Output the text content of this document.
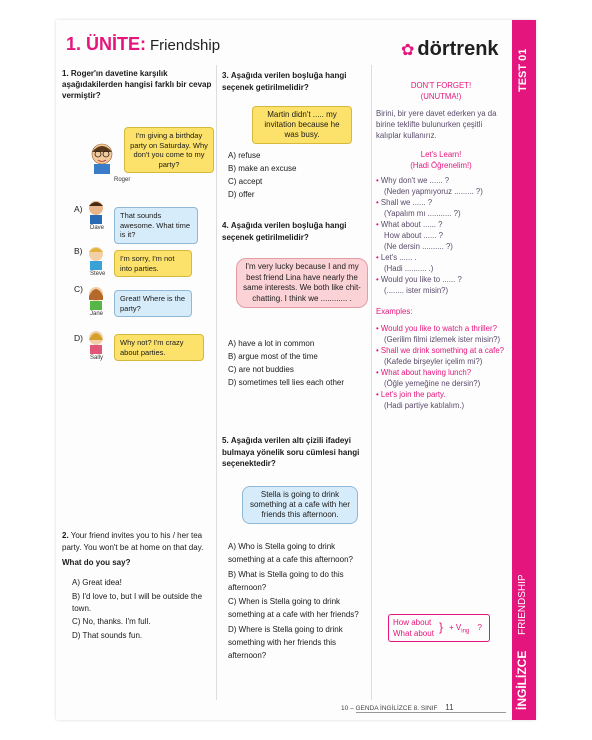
1. ÜNİTE: Friendship	✿ dörtrenk TEST 01
İNGİLİZCE
FRIENDSHIP
1. Roger'ın davetine karşılık aşağıdakilerden hangisi farklı bir cevap vermiştir?
I'm giving a birthday party on Saturday. Why don't you come to my party?
Roger
A)
Dave
That sounds awesome. What time is it?
B)
Steve
I'm sorry, I'm not into parties.
C)
Jane
Great! Where is the party?
D)
Sally
Why not? I'm crazy about parties.
2. Your friend invites you to his / her tea party. You won't be at home on that day.
What do you say?
A) Great idea!
B) I'd love to, but I will be outside the town.
C) No, thanks. I'm full.
D) That sounds fun.
3. Aşağıda verilen boşluğa hangi seçenek getirilmelidir?
Martin didn't ..... my invitation because he was busy.
A) refuse
B) make an excuse
C) accept
D) offer
4. Aşağıda verilen boşluğa hangi seçenek getirilmelidir?
I'm very lucky because I and my best friend Lina have nearly the same interests. We both like chit-chatting. I think we ............ .
A) have a lot in common
B) argue most of the time
C) are not buddies
D) sometimes tell lies each other
5. Aşağıda verilen altı çizili ifadeyi bulmaya yönelik soru cümlesi hangi seçenektedir?
Stella is going to drink something at a cafe with her friends this afternoon.
A) Who is Stella going to drink something at a cafe this afternoon?
B) What is Stella going to do this afternoon?
C) When is Stella going to drink something at a cafe with her friends?
D) Where is Stella going to drink something with her friends this afternoon?
DON'T FORGET!
(UNUTMA!)
Birini, bir yere davet ederken ya da birine teklifte bulunurken çeşitli kalıplar kullanırız.
Let's Learn!
(Hadi Öğrenelim!)
• Why don't we ...... ?
(Neden yapmıyoruz ......... ?)
• Shall we ...... ?
(Yapalım mı ........... ?)
• What about ...... ?
How about ...... ?
(Ne dersin .......... ?)
• Let's ...... .
(Hadi .......... .)
• Would you like to ...... ?
(........ ister misin?)
Examples:
• Would you like to watch a thriller?
(Gerilim filmi izlemek ister misin?)
• Shall we drink something at a cafe?
(Kafede birşeyler içelim mi?)
• What about having lunch?
(Öğle yemeğine ne dersin?)
• Let's join the party.
(Hadi partiye katılalım.)
How about
What about } + $V_{ing}$ ?
10 – GENDA İNGİLİZCE 8. SINIF 11
